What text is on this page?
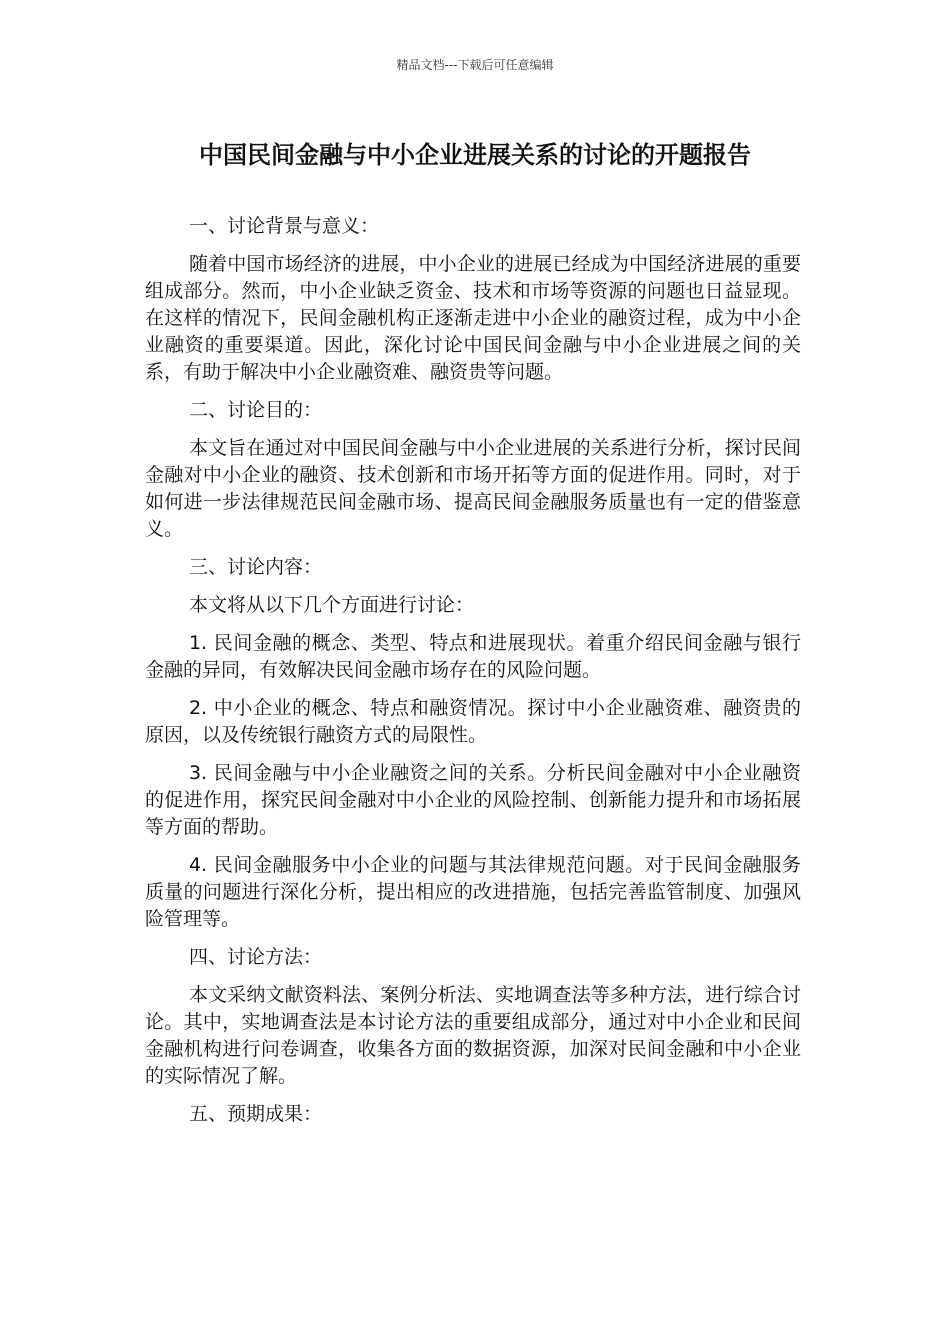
精品文档---下载后可任意编辑
中国民间金融与中小企业进展关系的讨论的开题报告

一、讨论背景与意义：

随着中国市场经济的进展，中小企业的进展已经成为中国经济进展的重要组成部分。然而，中小企业缺乏资金、技术和市场等资源的问题也日益显现。在这样的情况下，民间金融机构正逐渐走进中小企业的融资过程，成为中小企业融资的重要渠道。因此，深化讨论中国民间金融与中小企业进展之间的关系，有助于解决中小企业融资难、融资贵等问题。

二、讨论目的：

本文旨在通过对中国民间金融与中小企业进展的关系进行分析，探讨民间金融对中小企业的融资、技术创新和市场开拓等方面的促进作用。同时，对于如何进一步法律规范民间金融市场、提高民间金融服务质量也有一定的借鉴意义。

三、讨论内容：

本文将从以下几个方面进行讨论：

1. 民间金融的概念、类型、特点和进展现状。着重介绍民间金融与银行金融的异同，有效解决民间金融市场存在的风险问题。

2. 中小企业的概念、特点和融资情况。探讨中小企业融资难、融资贵的原因，以及传统银行融资方式的局限性。

3. 民间金融与中小企业融资之间的关系。分析民间金融对中小企业融资的促进作用，探究民间金融对中小企业的风险控制、创新能力提升和市场拓展等方面的帮助。

4. 民间金融服务中小企业的问题与其法律规范问题。对于民间金融服务质量的问题进行深化分析，提出相应的改进措施，包括完善监管制度、加强风险管理等。

四、讨论方法：

本文采纳文献资料法、案例分析法、实地调查法等多种方法，进行综合讨论。其中，实地调查法是本讨论方法的重要组成部分，通过对中小企业和民间金融机构进行问卷调查，收集各方面的数据资源，加深对民间金融和中小企业的实际情况了解。

五、预期成果：
